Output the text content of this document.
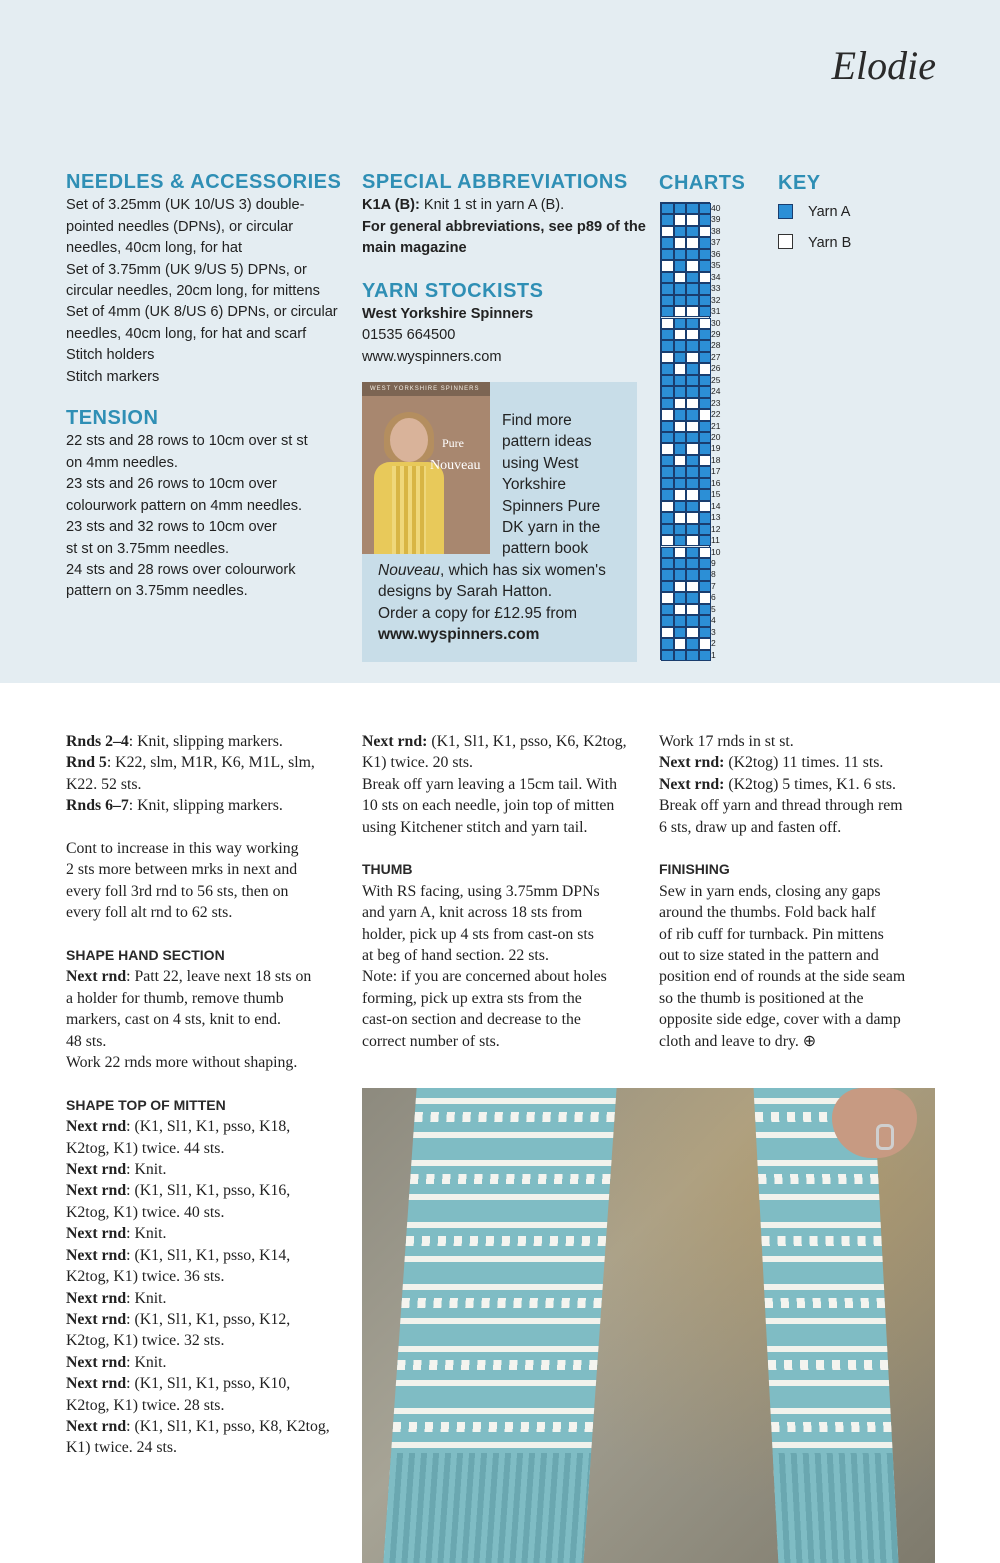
Elodie
NEEDLES & ACCESSORIES

Set of 3.25mm (UK 10/US 3) double-

pointed needles (DPNs), or circular

needles, 40cm long, for hat

Set of 3.75mm (UK 9/US 5) DPNs, or

circular needles, 20cm long, for mittens

Set of 4mm (UK 8/US 6) DPNs, or circular

needles, 40cm long, for hat and scarf

Stitch holders

Stitch markers

TENSION

22 sts and 28 rows to 10cm over st st

on 4mm needles.

23 sts and 26 rows to 10cm over

colourwork pattern on 4mm needles.

23 sts and 32 rows to 10cm over

st st on 3.75mm needles.

24 sts and 28 rows over colourwork

pattern on 3.75mm needles.

SPECIAL ABBREVIATIONS

K1A (B): Knit 1 st in yarn A (B).

For general abbreviations, see p89 of the

main magazine

YARN STOCKISTS

West Yorkshire Spinners

01535 664500

www.wyspinners.com

WEST YORKSHIRE SPINNERS
Pure
Nouveau
Find more
pattern ideas
using West
Yorkshire
Spinners Pure
DK yarn in the
pattern book
Nouveau, which has six women's
designs by Sarah Hatton.
Order a copy for £12.95 from
www.wyspinners.com
CHARTS
40
39
38
37
36
35
34
33
32
31
30
29
28
27
26
25
24
23
22
21
20
19
18
17
16
15
14
13
12
11
10
9
8
7
6
5
4
3
2
1
KEY
Yarn A
Yarn B

Rnds 2–4: Knit, slipping markers.

Rnd 5: K22, slm, M1R, K6, M1L, slm,

K22. 52 sts.

Rnds 6–7: Knit, slipping markers.

Cont to increase in this way working

2 sts more between mrks in next and

every foll 3rd rnd to 56 sts, then on

every foll alt rnd to 62 sts.

SHAPE HAND SECTION

Next rnd: Patt 22, leave next 18 sts on

a holder for thumb, remove thumb

markers, cast on 4 sts, knit to end.

48 sts.

Work 22 rnds more without shaping.

SHAPE TOP OF MITTEN

Next rnd: (K1, Sl1, K1, psso, K18,

K2tog, K1) twice. 44 sts.

Next rnd: Knit.

Next rnd: (K1, Sl1, K1, psso, K16,

K2tog, K1) twice. 40 sts.

Next rnd: Knit.

Next rnd: (K1, Sl1, K1, psso, K14,

K2tog, K1) twice. 36 sts.

Next rnd: Knit.

Next rnd: (K1, Sl1, K1, psso, K12,

K2tog, K1) twice. 32 sts.

Next rnd: Knit.

Next rnd: (K1, Sl1, K1, psso, K10,

K2tog, K1) twice. 28 sts.

Next rnd: (K1, Sl1, K1, psso, K8, K2tog,

K1) twice. 24 sts.

Next rnd: (K1, Sl1, K1, psso, K6, K2tog,

K1) twice. 20 sts.

Break off yarn leaving a 15cm tail. With

10 sts on each needle, join top of mitten

using Kitchener stitch and yarn tail.

THUMB

With RS facing, using 3.75mm DPNs

and yarn A, knit across 18 sts from

holder, pick up 4 sts from cast-on sts

at beg of hand section. 22 sts.

Note: if you are concerned about holes

forming, pick up extra sts from the

cast-on section and decrease to the

correct number of sts.

Work 17 rnds in st st.

Next rnd: (K2tog) 11 times. 11 sts.

Next rnd: (K2tog) 5 times, K1. 6 sts.

Break off yarn and thread through rem

6 sts, draw up and fasten off.

FINISHING

Sew in yarn ends, closing any gaps

around the thumbs. Fold back half

of rib cuff for turnback. Pin mittens

out to size stated in the pattern and

position end of rounds at the side seam

so the thumb is positioned at the

opposite side edge, cover with a damp

cloth and leave to dry. ⊕
